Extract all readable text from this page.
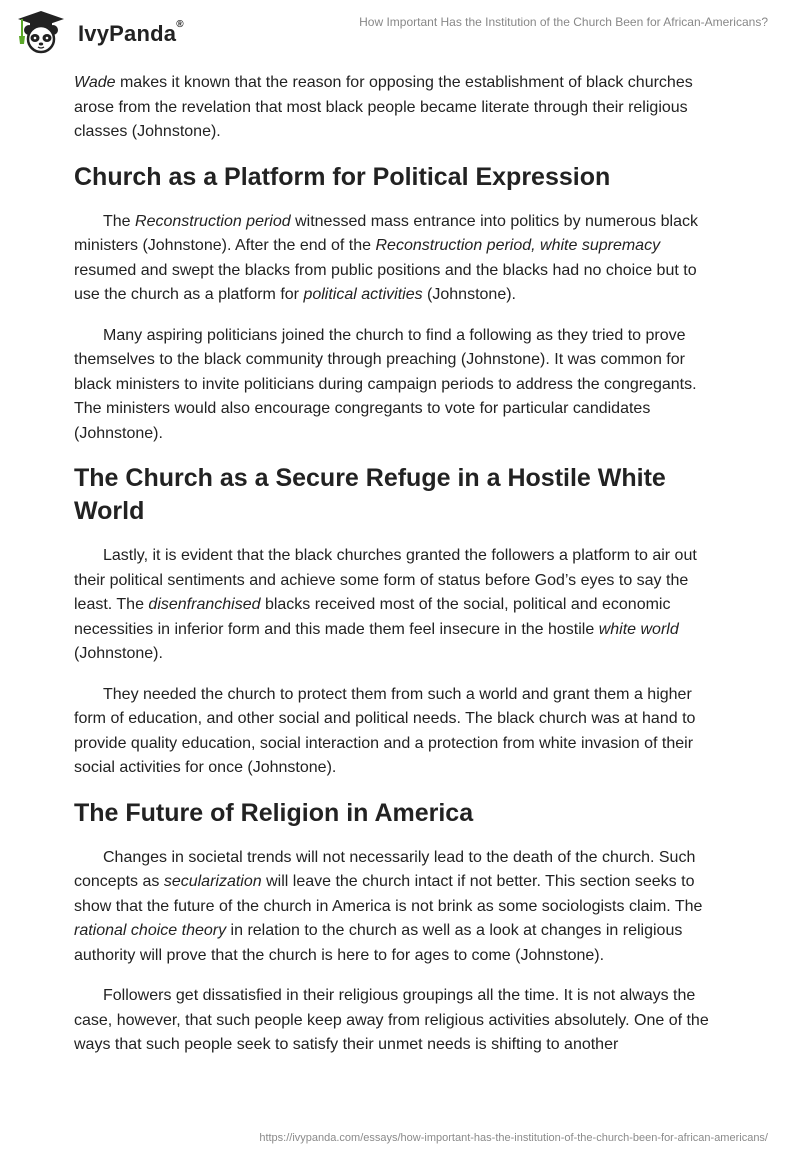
IvyPanda®	How Important Has the Institution of the Church Been for African-Americans?

Wade makes it known that the reason for opposing the establishment of black churches arose from the revelation that most black people became literate through their religious classes (Johnstone).

Church as a Platform for Political Expression

The Reconstruction period witnessed mass entrance into politics by numerous black ministers (Johnstone). After the end of the Reconstruction period, white supremacy resumed and swept the blacks from public positions and the blacks had no choice but to use the church as a platform for political activities (Johnstone).

Many aspiring politicians joined the church to find a following as they tried to prove themselves to the black community through preaching (Johnstone). It was common for black ministers to invite politicians during campaign periods to address the congregants. The ministers would also encourage congregants to vote for particular candidates (Johnstone).

The Church as a Secure Refuge in a Hostile White World

Lastly, it is evident that the black churches granted the followers a platform to air out their political sentiments and achieve some form of status before God’s eyes to say the least. The disenfranchised blacks received most of the social, political and economic necessities in inferior form and this made them feel insecure in the hostile white world (Johnstone).

They needed the church to protect them from such a world and grant them a higher form of education, and other social and political needs. The black church was at hand to provide quality education, social interaction and a protection from white invasion of their social activities for once (Johnstone).

The Future of Religion in America

Changes in societal trends will not necessarily lead to the death of the church. Such concepts as secularization will leave the church intact if not better. This section seeks to show that the future of the church in America is not brink as some sociologists claim. The rational choice theory in relation to the church as well as a look at changes in religious authority will prove that the church is here to for ages to come (Johnstone).

Followers get dissatisfied in their religious groupings all the time. It is not always the case, however, that such people keep away from religious activities absolutely. One of the ways that such people seek to satisfy their unmet needs is shifting to another

https://ivypanda.com/essays/how-important-has-the-institution-of-the-church-been-for-african-americans/
